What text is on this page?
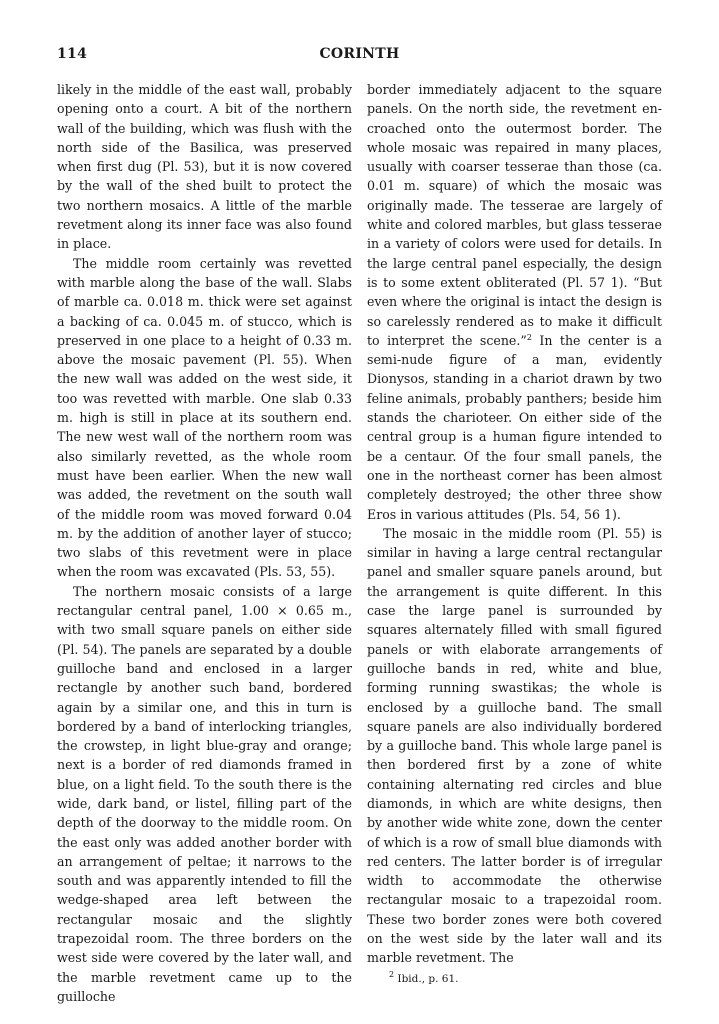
114	CORINTH

likely in the middle of the east wall, probably opening onto a court. A bit of the northern wall of the building, which was flush with the north side of the Basilica, was preserved when first dug (Pl. 53), but it is now covered by the wall of the shed built to protect the two northern mosaics. A little of the marble revetment along its inner face was also found in place.

The middle room certainly was revetted with marble along the base of the wall. Slabs of marble ca. 0.018 m. thick were set against a backing of ca. 0.045 m. of stucco, which is preserved in one place to a height of 0.33 m. above the mosaic pavement (Pl. 55). When the new wall was added on the west side, it too was revetted with marble. One slab 0.33 m. high is still in place at its southern end. The new west wall of the northern room was also similarly revetted, as the whole room must have been earlier. When the new wall was added, the revetment on the south wall of the middle room was moved forward 0.04 m. by the addition of another layer of stucco; two slabs of this revetment were in place when the room was excavated (Pls. 53, 55).

The northern mosaic consists of a large rectangular central panel, 1.00 × 0.65 m., with two small square panels on either side (Pl. 54). The panels are separated by a double guilloche band and enclosed in a larger rectangle by another such band, bordered again by a similar one, and this in turn is bordered by a band of interlocking triangles, the crowstep, in light blue-gray and orange; next is a border of red diamonds framed in blue, on a light field. To the south there is the wide, dark band, or listel, filling part of the depth of the doorway to the middle room. On the east only was added another border with an arrangement of peltae; it narrows to the south and was apparently intended to fill the wedge-shaped area left between the rectangular mosaic and the slightly trapezoidal room. The three borders on the west side were covered by the later wall, and the marble revetment came up to the guilloche

border immediately adjacent to the square panels. On the north side, the revetment encroached onto the outermost border. The whole mosaic was repaired in many places, usually with coarser tesserae than those (ca. 0.01 m. square) of which the mosaic was originally made. The tesserae are largely of white and colored marbles, but glass tesserae in a variety of colors were used for details. In the large central panel especially, the design is to some extent obliterated (Pl. 57 1). “But even where the original is intact the design is so carelessly rendered as to make it difficult to interpret the scene.”$^2$ In the center is a semi-nude figure of a man, evidently Dionysos, standing in a chariot drawn by two feline animals, probably panthers; beside him stands the charioteer. On either side of the central group is a human figure intended to be a centaur. Of the four small panels, the one in the northeast corner has been almost completely destroyed; the other three show Eros in various attitudes (Pls. 54, 56 1).

The mosaic in the middle room (Pl. 55) is similar in having a large central rectangular panel and smaller square panels around, but the arrangement is quite different. In this case the large panel is surrounded by squares alternately filled with small figured panels or with elaborate arrangements of guilloche bands in red, white and blue, forming running swastikas; the whole is enclosed by a guilloche band. The small square panels are also individually bordered by a guilloche band. This whole large panel is then bordered first by a zone of white containing alternating red circles and blue diamonds, in which are white designs, then by another wide white zone, down the center of which is a row of small blue diamonds with red centers. The latter border is of irregular width to accommodate the otherwise rectangular mosaic to a trapezoidal room. These two border zones were both covered on the west side by the later wall and its marble revetment. The

$^2$ Ibid., p. 61.
